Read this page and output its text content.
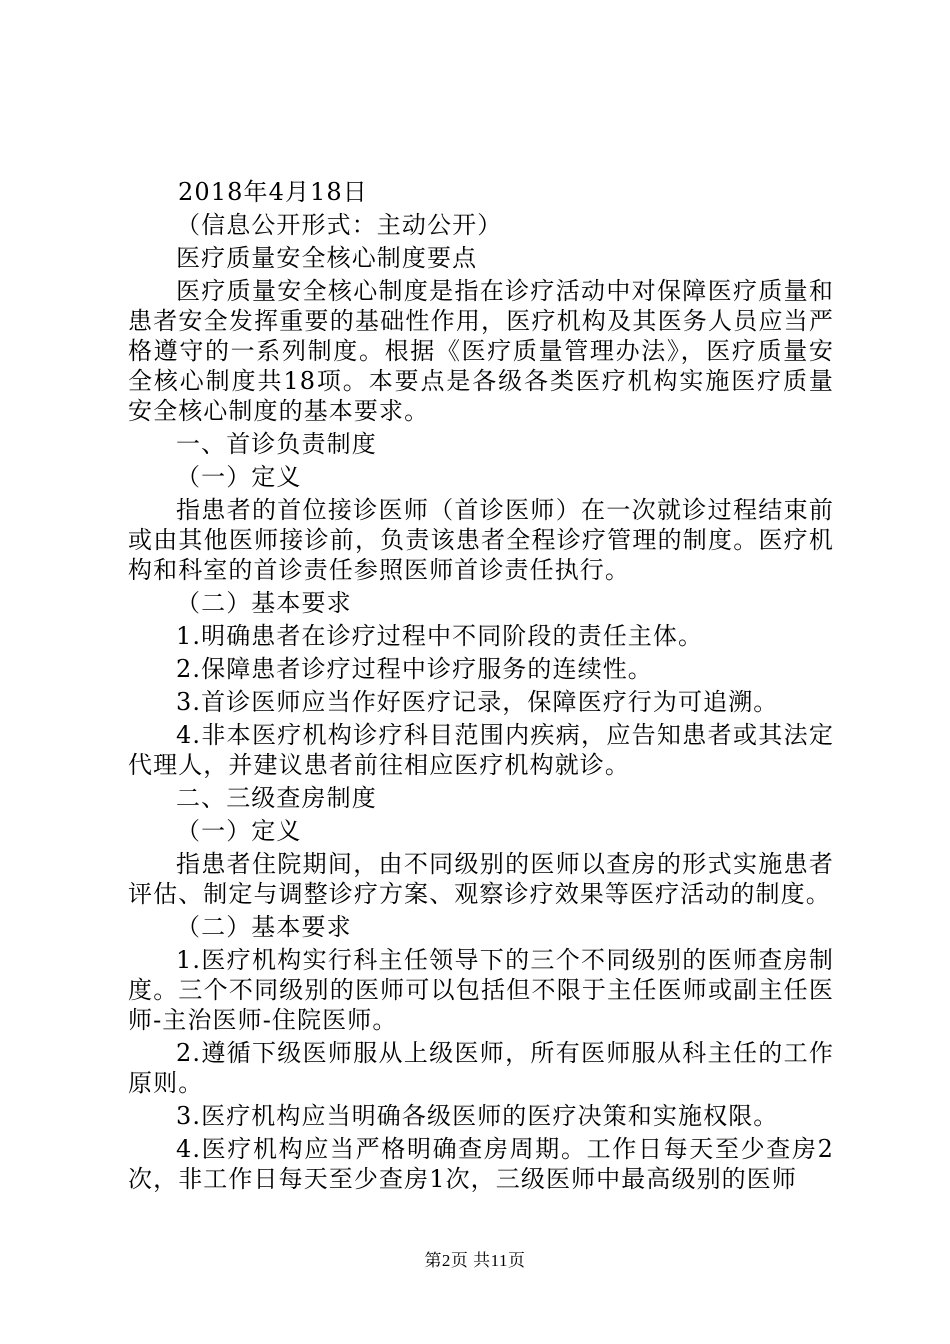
2018年4月18日

（信息公开形式：主动公开）

医疗质量安全核心制度要点

医疗质量安全核心制度是指在诊疗活动中对保障医疗质量和患者安全发挥重要的基础性作用，医疗机构及其医务人员应当严格遵守的一系列制度。根据《医疗质量管理办法》，医疗质量安全核心制度共18项。本要点是各级各类医疗机构实施医疗质量安全核心制度的基本要求。

一、首诊负责制度

（一）定义

指患者的首位接诊医师（首诊医师）在一次就诊过程结束前或由其他医师接诊前，负责该患者全程诊疗管理的制度。医疗机构和科室的首诊责任参照医师首诊责任执行。

（二）基本要求

1.明确患者在诊疗过程中不同阶段的责任主体。

2.保障患者诊疗过程中诊疗服务的连续性。

3.首诊医师应当作好医疗记录，保障医疗行为可追溯。

4.非本医疗机构诊疗科目范围内疾病，应告知患者或其法定代理人，并建议患者前往相应医疗机构就诊。

二、三级查房制度

（一）定义

指患者住院期间，由不同级别的医师以查房的形式实施患者评估、制定与调整诊疗方案、观察诊疗效果等医疗活动的制度。

（二）基本要求

1.医疗机构实行科主任领导下的三个不同级别的医师查房制度。三个不同级别的医师可以包括但不限于主任医师或副主任医师-主治医师-住院医师。

2.遵循下级医师服从上级医师，所有医师服从科主任的工作原则。

3.医疗机构应当明确各级医师的医疗决策和实施权限。

4.医疗机构应当严格明确查房周期。工作日每天至少查房2次，非工作日每天至少查房1次，三级医师中最高级别的医师

第2页 共11页
